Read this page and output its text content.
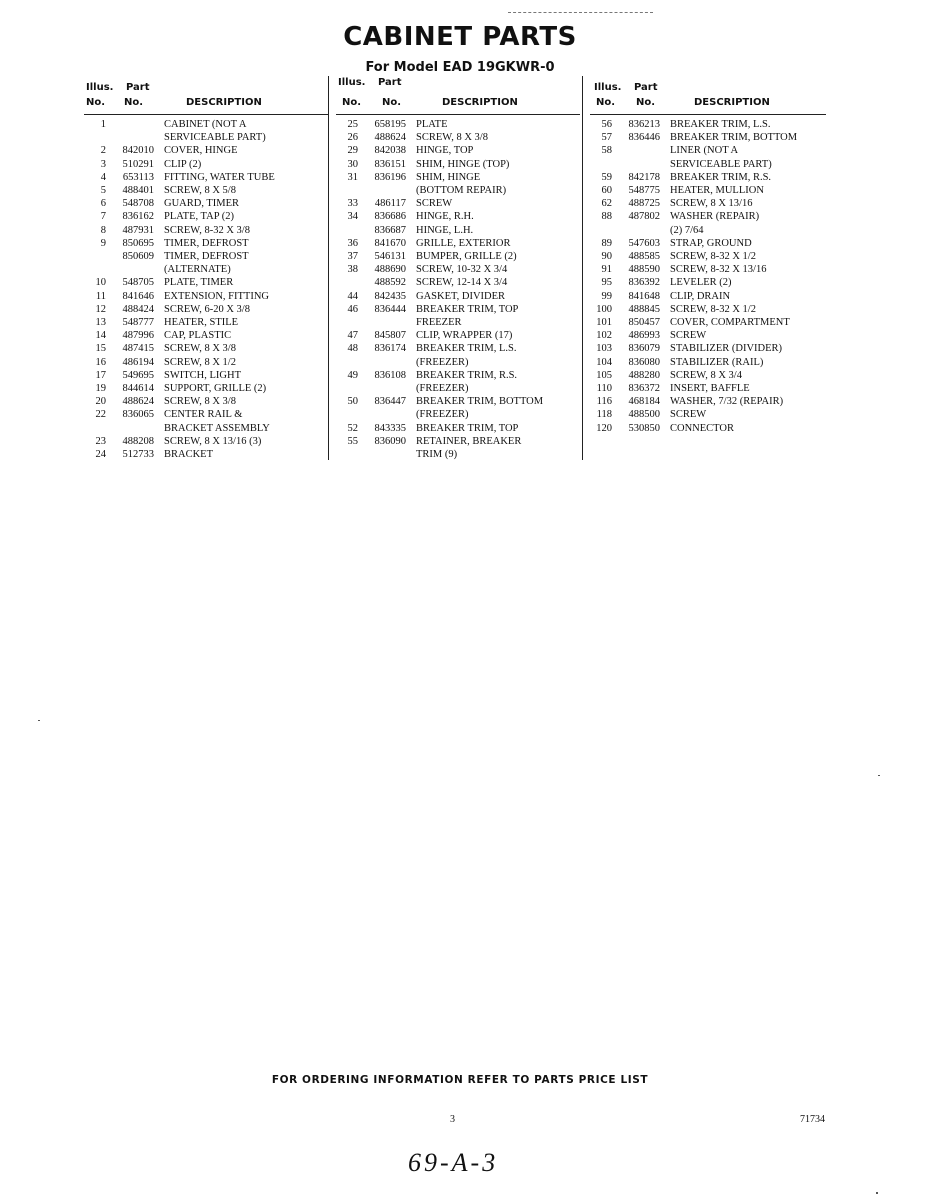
CABINET PARTS
For Model EAD 19GKWR-0
Illus. Part
No. No.	DESCRIPTION
1	CABINET (NOT A
SERVICEABLE PART)
2	842010 COVER, HINGE
3	510291 CLIP (2)
4	653113 FITTING, WATER TUBE
5	488401 SCREW, 8 X 5/8
6	548708 GUARD, TIMER
7	836162 PLATE, TAP (2)
8	487931 SCREW, 8-32 X 3/8
9	850695 TIMER, DEFROST
850609 TIMER, DEFROST
(ALTERNATE)
10	548705 PLATE, TIMER
11	841646 EXTENSION, FITTING
12	488424 SCREW, 6-20 X 3/8
13	548777 HEATER, STILE
14	487996 CAP, PLASTIC
15	487415 SCREW, 8 X 3/8
16	486194 SCREW, 8 X 1/2
17	549695 SWITCH, LIGHT
19	844614 SUPPORT, GRILLE (2)
20	488624 SCREW, 8 X 3/8
22	836065 CENTER RAIL &
BRACKET ASSEMBLY
23	488208 SCREW, 8 X 13/16 (3)
24	512733 BRACKET
Illus. Part
No. No.	DESCRIPTION
25	658195 PLATE
26	488624 SCREW, 8 X 3/8
29	842038 HINGE, TOP
30	836151 SHIM, HINGE (TOP)
31	836196 SHIM, HINGE
(BOTTOM REPAIR)
33	486117 SCREW
34	836686 HINGE, R.H.
836687 HINGE, L.H.
36	841670 GRILLE, EXTERIOR
37	546131 BUMPER, GRILLE (2)
38	488690 SCREW, 10-32 X 3/4
488592 SCREW, 12-14 X 3/4
44	842435 GASKET, DIVIDER
46	836444 BREAKER TRIM, TOP
FREEZER
47	845807 CLIP, WRAPPER (17)
48	836174 BREAKER TRIM, L.S.
(FREEZER)
49	836108 BREAKER TRIM, R.S.
(FREEZER)
50	836447 BREAKER TRIM, BOTTOM
(FREEZER)
52	843335 BREAKER TRIM, TOP
55	836090 RETAINER, BREAKER
TRIM (9)
Illus. Part
No. No.	DESCRIPTION
56	836213 BREAKER TRIM, L.S.
57	836446 BREAKER TRIM, BOTTOM
58	LINER (NOT A
SERVICEABLE PART)
59	842178 BREAKER TRIM, R.S.
60	548775 HEATER, MULLION
62	488725 SCREW, 8 X 13/16
88	487802 WASHER (REPAIR)
(2) 7/64
89	547603 STRAP, GROUND
90	488585 SCREW, 8-32 X 1/2
91	488590 SCREW, 8-32 X 13/16
95	836392 LEVELER (2)
99	841648 CLIP, DRAIN
100	488845 SCREW, 8-32 X 1/2
101	850457 COVER, COMPARTMENT
102	486993 SCREW
103	836079 STABILIZER (DIVIDER)
104	836080 STABILIZER (RAIL)
105	488280 SCREW, 8 X 3/4
110	836372 INSERT, BAFFLE
116	468184 WASHER, 7/32 (REPAIR)
118	488500 SCREW
120	530850 CONNECTOR
FOR ORDERING INFORMATION REFER TO PARTS PRICE LIST
3	71734
69-A-3
